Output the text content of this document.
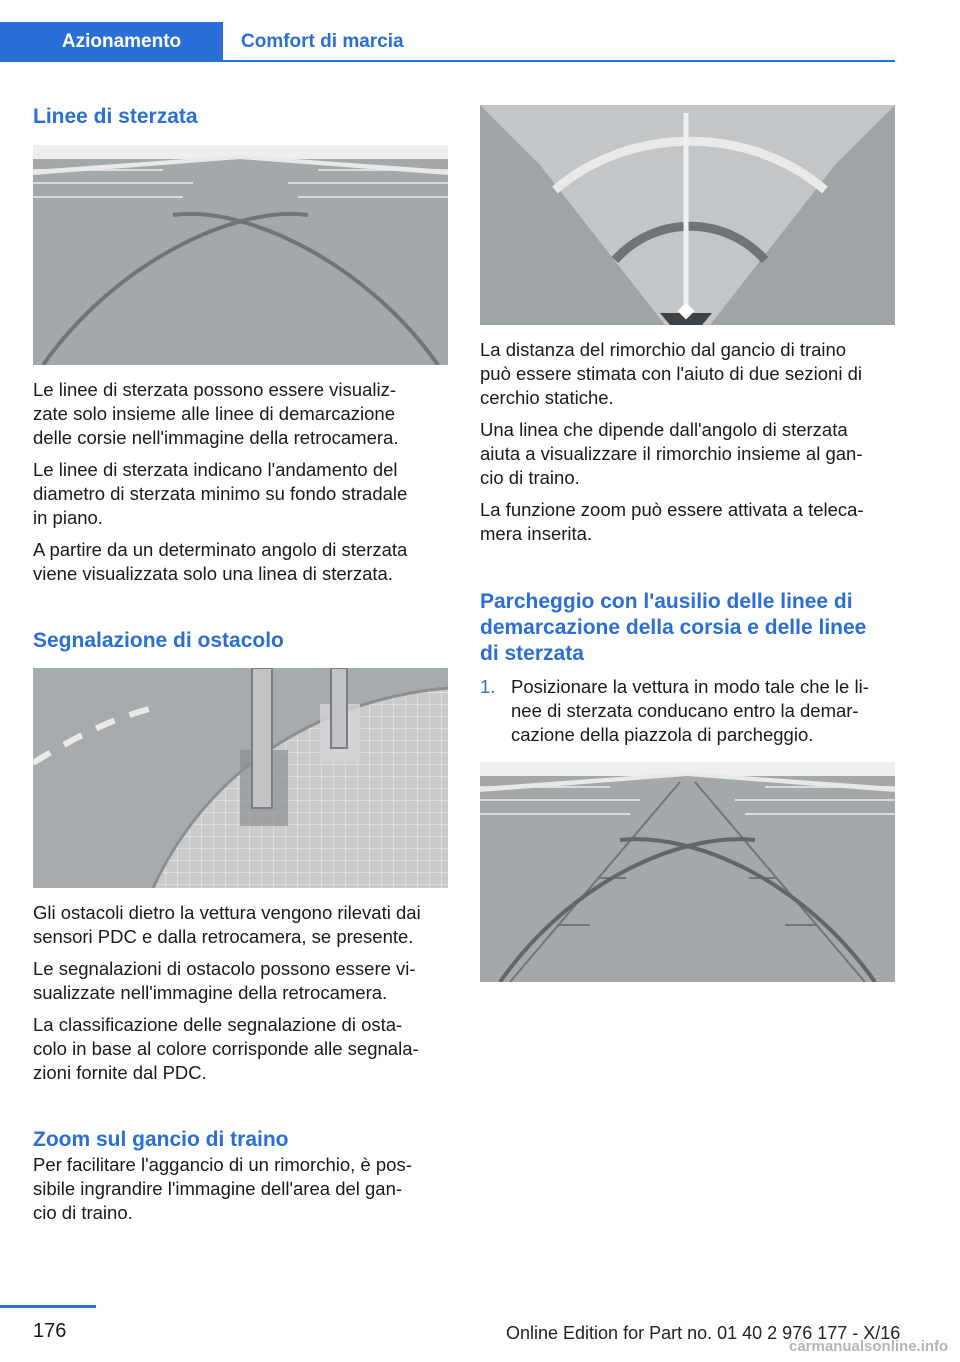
Azionamento	Comfort di marcia
Linee di sterzata

Le linee di sterzata possono essere visualiz-
zate solo insieme alle linee di demarcazione
delle corsie nell'immagine della retrocamera.

Le linee di sterzata indicano l'andamento del
diametro di sterzata minimo su fondo stradale
in piano.

A partire da un determinato angolo di sterzata
viene visualizzata solo una linea di sterzata.

Segnalazione di ostacolo

Gli ostacoli dietro la vettura vengono rilevati dai
sensori PDC e dalla retrocamera, se presente.

Le segnalazioni di ostacolo possono essere vi-
sualizzate nell'immagine della retrocamera.

La classificazione delle segnalazione di osta-
colo in base al colore corrisponde alle segnala-
zioni fornite dal PDC.

Zoom sul gancio di traino

Per facilitare l'aggancio di un rimorchio, è pos-
sibile ingrandire l'immagine dell'area del gan-
cio di traino.

La distanza del rimorchio dal gancio di traino
può essere stimata con l'aiuto di due sezioni di
cerchio statiche.

Una linea che dipende dall'angolo di sterzata
aiuta a visualizzare il rimorchio insieme al gan-
cio di traino.

La funzione zoom può essere attivata a teleca-
mera inserita.

Parcheggio con l'ausilio delle linee di
demarcazione della corsia e delle linee
di sterzata
1. Posizionare la vettura in modo tale che le li-
nee di sterzata conducano entro la demar-
cazione della piazzola di parcheggio.
176	Online Edition for Part no. 01 40 2 976 177 - X/16
carmanualsonline.info
